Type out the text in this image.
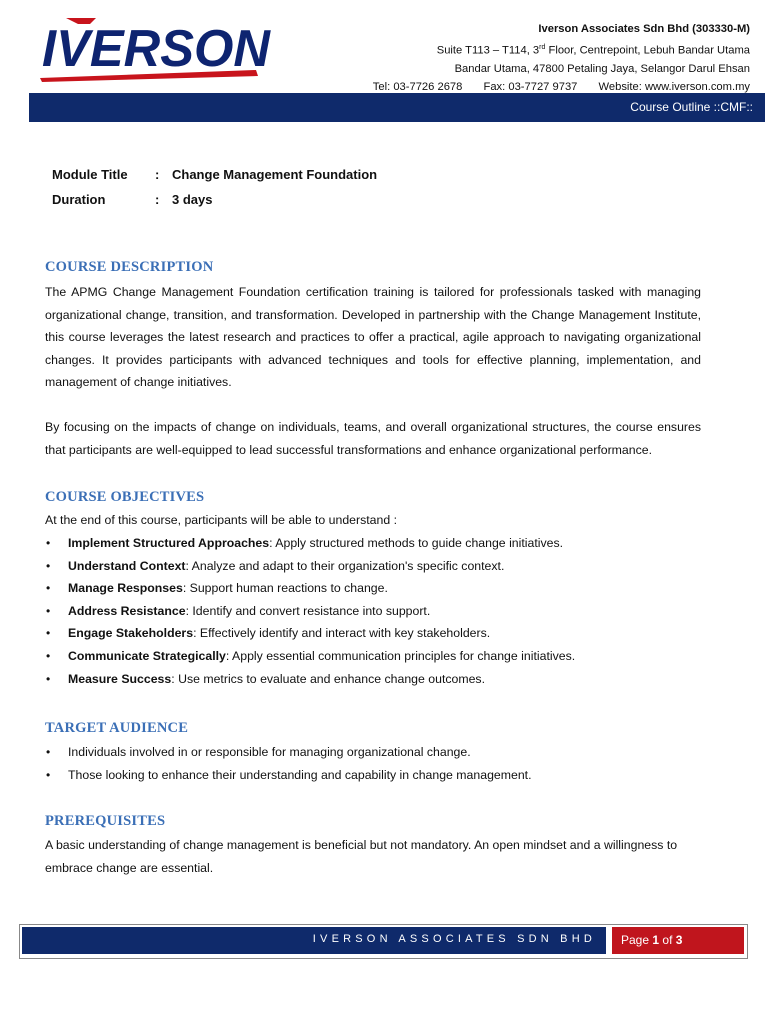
IVERSON	Iverson Associates Sdn Bhd (303330-M)
Suite T113 – T114, 3rd Floor, Centrepoint, Lebuh Bandar Utama
Bandar Utama, 47800 Petaling Jaya, Selangor Darul Ehsan
Tel: 03-7726 2678 Fax: 03-7727 9737 Website: www.iverson.com.my
Course Outline ::CMF::
Module Title	: Change Management Foundation
Duration	: 3 days
COURSE DESCRIPTION
The APMG Change Management Foundation certification training is tailored for professionals tasked with managing organizational change, transition, and transformation. Developed in partnership with the Change Management Institute, this course leverages the latest research and practices to offer a practical, agile approach to navigating organizational changes. It provides participants with advanced techniques and tools for effective planning, implementation, and management of change initiatives.
By focusing on the impacts of change on individuals, teams, and overall organizational structures, the course ensures that participants are well-equipped to lead successful transformations and enhance organizational performance.
COURSE OBJECTIVES
At the end of this course, participants will be able to understand :
• Implement Structured Approaches: Apply structured methods to guide change initiatives.
• Understand Context: Analyze and adapt to their organization's specific context.
• Manage Responses: Support human reactions to change.
• Address Resistance: Identify and convert resistance into support.
• Engage Stakeholders: Effectively identify and interact with key stakeholders.
• Communicate Strategically: Apply essential communication principles for change initiatives.
• Measure Success: Use metrics to evaluate and enhance change outcomes.
TARGET AUDIENCE
• Individuals involved in or responsible for managing organizational change.
• Those looking to enhance their understanding and capability in change management.
PREREQUISITES
A basic understanding of change management is beneficial but not mandatory. An open mindset and a willingness to embrace change are essential.
IVERSON ASSOCIATES SDN BHD Page 1 of 3
